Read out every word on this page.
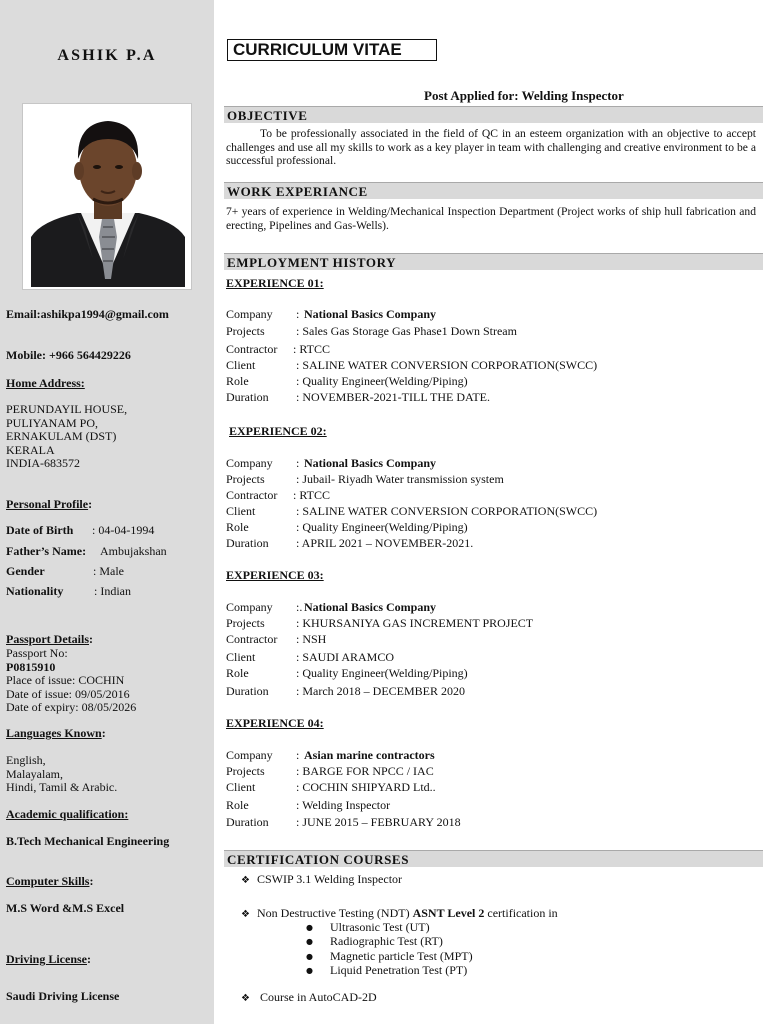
ASHIK P.A
Email:ashikpa1994@gmail.com
Mobile: +966 564429226
Home Address:
PERUNDAYIL HOUSE,
PULIYANAM PO,
ERNAKULAM (DST)
KERALA
INDIA-683572
Personal Profile:
Date of Birth : 04-04-1994
Father’s Name: Ambujakshan
Gender	: Male
Nationality	: Indian
Passport Details:
Passport No:
P0815910
Place of issue: COCHIN
Date of issue: 09/05/2016
Date of expiry: 08/05/2026
Languages Known:
English,
Malayalam,
Hindi, Tamil & Arabic.
Academic qualification:
B.Tech Mechanical Engineering
Computer Skills:
M.S Word &M.S Excel
Driving License:
Saudi Driving License
CURRICULUM VITAE
Post Applied for: Welding Inspector
OBJECTIVE
To be professionally associated in the field of QC in an esteem organization with an objective to accept challenges and use all my skills to work as a key player in team with challenging and creative environment to be a successful professional.
WORK EXPERIANCE
7+ years of experience in Welding/Mechanical Inspection Department (Project works of ship hull fabrication and erecting, Pipelines and Gas-Wells).
EMPLOYMENT HISTORY
EXPERIENCE 01:
Company : National Basics Company
Projects	: Sales Gas Storage Gas Phase1 Down Stream
Contractor : RTCC
Client	: SALINE WATER CONVERSION CORPORATION(SWCC)
Role	: Quality Engineer(Welding/Piping)
Duration : NOVEMBER-2021-TILL THE DATE.
EXPERIENCE 02:
Company : National Basics Company
Projects	: Jubail- Riyadh Water transmission system
Contractor : RTCC
Client	: SALINE WATER CONVERSION CORPORATION(SWCC)
Role	: Quality Engineer(Welding/Piping)
Duration : APRIL 2021 – NOVEMBER-2021.
EXPERIENCE 03:
Company :. National Basics Company
Projects	: KHURSANIYA GAS INCREMENT PROJECT
Contractor : NSH
Client	: SAUDI ARAMCO
Role	: Quality Engineer(Welding/Piping)
Duration : March 2018 – DECEMBER 2020
EXPERIENCE 04:
Company : Asian marine contractors
Projects	: BARGE FOR NPCC / IAC
Client	: COCHIN SHIPYARD Ltd..
Role	: Welding Inspector
Duration : JUNE 2015 – FEBRUARY 2018
CERTIFICATION COURSES
❖ CSWIP 3.1 Welding Inspector
❖ Non Destructive Testing (NDT) ASNT Level 2 certification in
● Ultrasonic Test (UT)
● Radiographic Test (RT)
● Magnetic particle Test (MPT)
● Liquid Penetration Test (PT)
❖ Course in AutoCAD-2D
